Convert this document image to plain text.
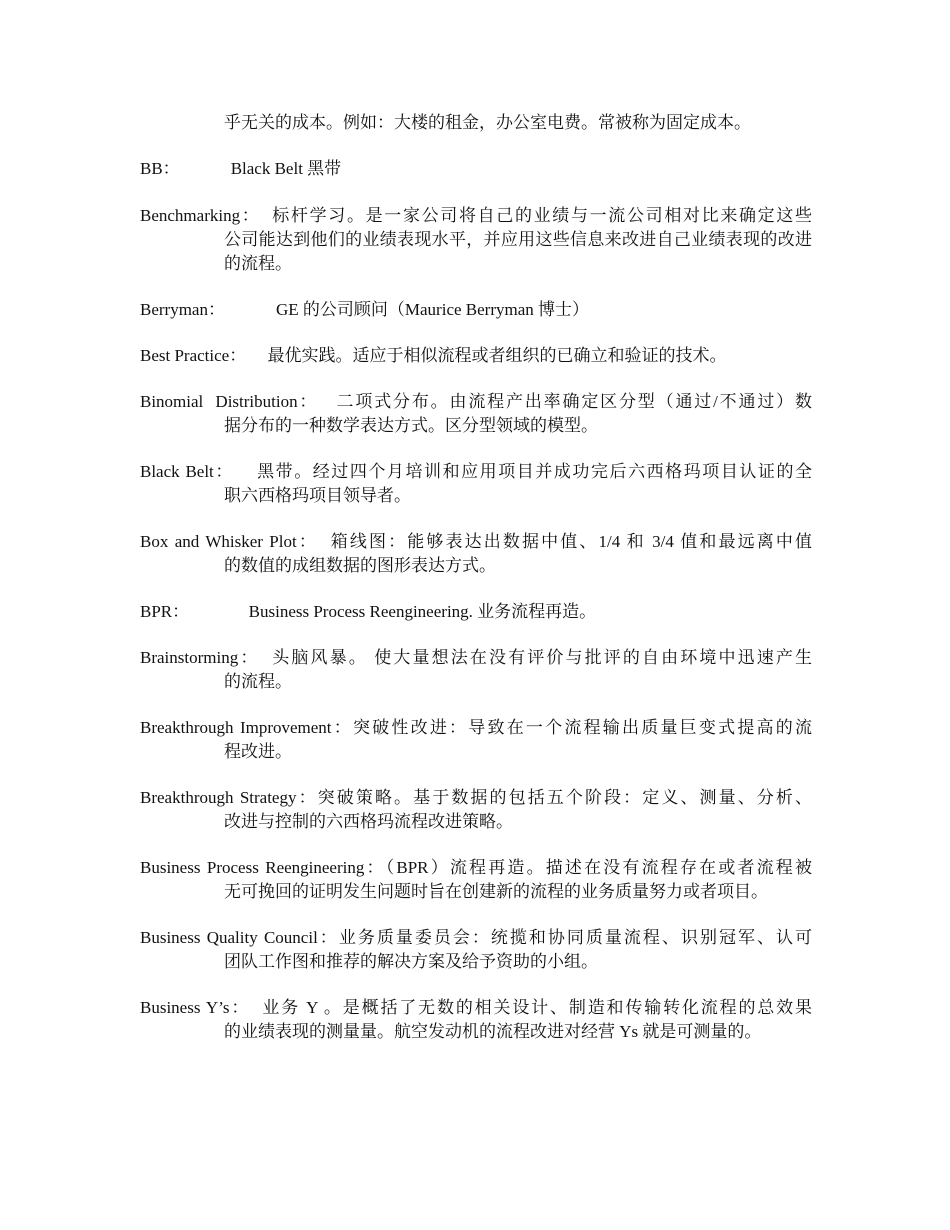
乎无关的成本。例如：大楼的租金，办公室电费。常被称为固定成本。
BB：	Black Belt 黑带
Benchmarking： 标杆学习。是一家公司将自己的业绩与一流公司相对比来确定这些
公司能达到他们的业绩表现水平，并应用这些信息来改进自己业绩表现的改进的流程。
Berryman：	GE 的公司顾问（Maurice Berryman 博士）
Best Practice： 最优实践。适应于相似流程或者组织的已确立和验证的技术。
Binomial  Distribution： 二项式分布。由流程产出率确定区分型（通过/不通过）数
据分布的一种数学表达方式。区分型领域的模型。
Black Belt： 黑带。经过四个月培训和应用项目并成功完后六西格玛项目认证的全
职六西格玛项目领导者。
Box and Whisker Plot： 箱线图：能够表达出数据中值、1/4 和 3/4 值和最远离中值
的数值的成组数据的图形表达方式。
BPR：	Business Process Reengineering. 业务流程再造。
Brainstorming： 头脑风暴。 使大量想法在没有评价与批评的自由环境中迅速产生
的流程。
Breakthrough Improvement：突破性改进：导致在一个流程输出质量巨变式提高的流
程改进。
Breakthrough Strategy：突破策略。基于数据的包括五个阶段：定义、测量、分析、
改进与控制的六西格玛流程改进策略。
Business Process Reengineering：（BPR）流程再造。描述在没有流程存在或者流程被
无可挽回的证明发生问题时旨在创建新的流程的业务质量努力或者项目。
Business Quality Council：业务质量委员会：统揽和协同质量流程、识别冠军、认可
团队工作图和推荐的解决方案及给予资助的小组。
Business Y’s： 业务 Y 。是概括了无数的相关设计、制造和传输转化流程的总效果
的业绩表现的测量量。航空发动机的流程改进对经营 Ys 就是可测量的。
